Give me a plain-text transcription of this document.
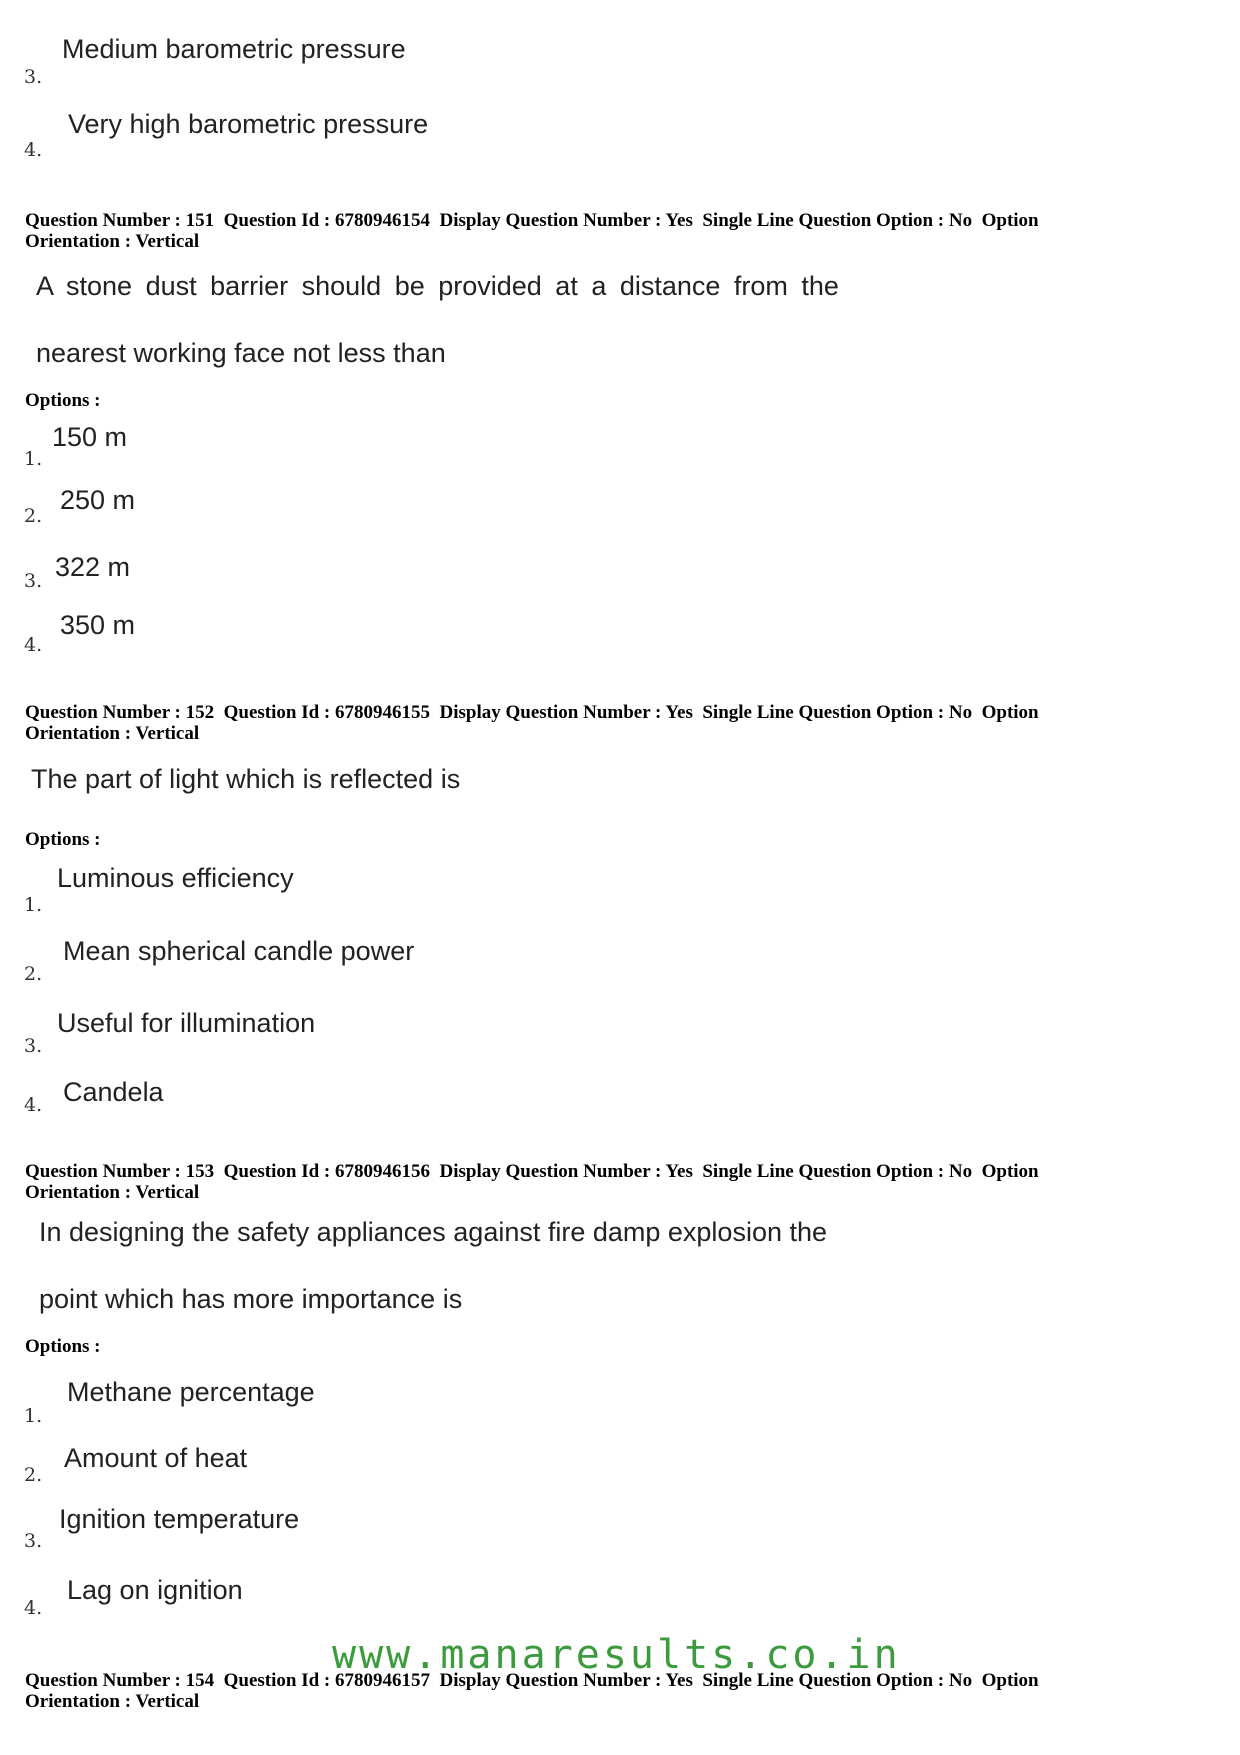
Medium barometric pressure
3.
Very high barometric pressure
4.

Question Number : 151  Question Id : 6780946154  Display Question Number : Yes  Single Line Question Option : No  Option
Orientation : Vertical

A stone dust barrier should be provided at a distance from the
nearest working face not less than
Options :
150 m
1.
250 m
2.
322 m
3.
350 m
4.

Question Number : 152  Question Id : 6780946155  Display Question Number : Yes  Single Line Question Option : No  Option
Orientation : Vertical

The part of light which is reflected is
Options :
Luminous efficiency
1.
Mean spherical candle power
2.
Useful for illumination
3.
Candela
4.

Question Number : 153  Question Id : 6780946156  Display Question Number : Yes  Single Line Question Option : No  Option
Orientation : Vertical

In designing the safety appliances against fire damp explosion the
point which has more importance is
Options :
Methane percentage
1.
Amount of heat
2.
Ignition temperature
3.
Lag on ignition
4.

Question Number : 154  Question Id : 6780946157  Display Question Number : Yes  Single Line Question Option : No  Option
Orientation : Vertical

www.manaresults.co.in
